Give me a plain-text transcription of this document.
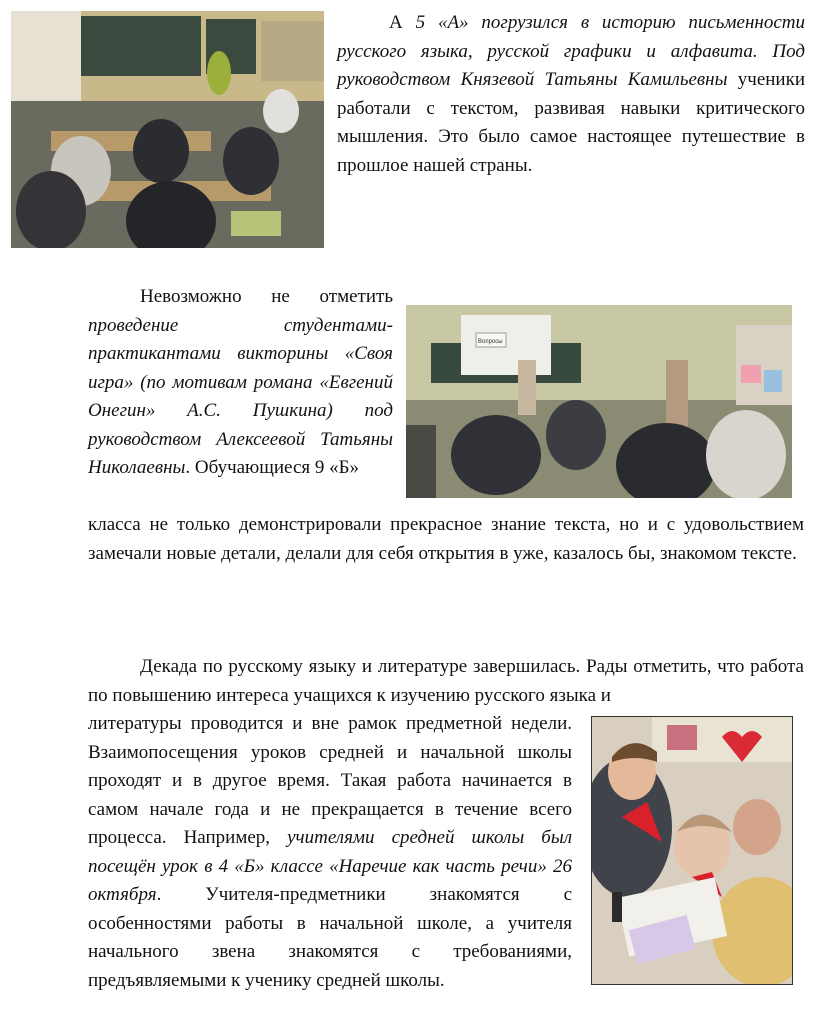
А 5 «А» погрузился в историю письменности русского языка, русской графики и алфавита. Под руководством Князевой Татьяны Камильевны ученики работали с текстом, развивая навыки критического мышления. Это было самое настоящее путешествие в прошлое нашей страны.

Вопросы

Невозможно не отметить проведение студентами-практикантами викторины «Своя игра» (по мотивам романа «Евгений Онегин» А.С. Пушкина) под руководством Алексеевой Татьяны Николаевны. Обучающиеся 9 «Б»

класса не только демонстрировали прекрасное знание текста, но и с удовольствием замечали новые детали, делали для себя открытия в уже, казалось бы, знакомом тексте.

Декада по русскому языку и литературе завершилась. Рады отметить, что работа по повышению интереса учащихся к изучению русского языка и

литературы проводится и вне рамок предметной недели. Взаимопосещения уроков средней и начальной школы проходят и в другое время. Такая работа начинается в самом начале года и не прекращается в течение всего процесса. Например, учителями средней школы был посещён урок в 4 «Б» классе «Наречие как часть речи» 26 октября. Учителя-предметники знакомятся с особенностями работы в начальной школе, а учителя начального звена знакомятся с требованиями, предъявляемыми к ученику средней школы.
